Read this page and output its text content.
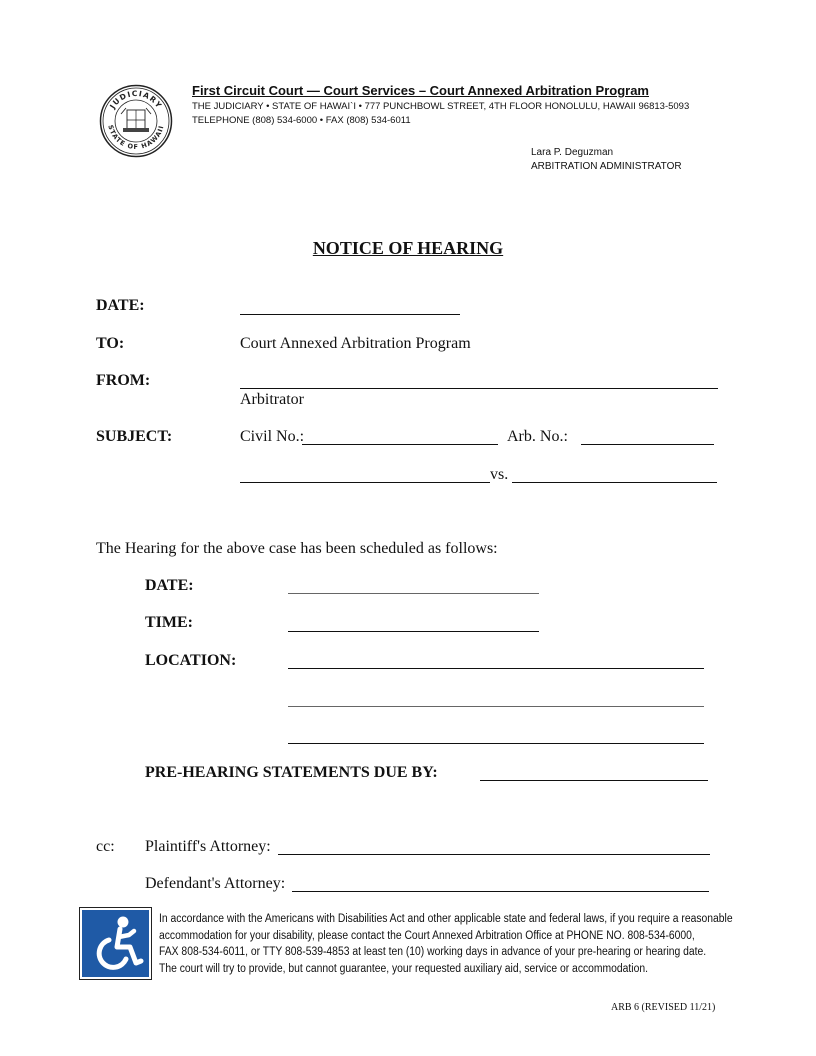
JUDICIARY
STATE OF HAWAII
First Circuit Court — Court Services – Court Annexed Arbitration Program
THE JUDICIARY • STATE OF HAWAI`I • 777 PUNCHBOWL STREET, 4TH FLOOR HONOLULU, HAWAII 96813-5093
TELEPHONE (808) 534-6000 • FAX (808) 534-6011
Lara P. Deguzman
ARBITRATION ADMINISTRATOR
NOTICE OF HEARING
DATE:
TO:	Court Annexed Arbitration Program
FROM:
Arbitrator
SUBJECT:	Civil No.:	Arb. No.:
vs.
The Hearing for the above case has been scheduled as follows:
DATE:
TIME:
LOCATION:
PRE-HEARING STATEMENTS DUE BY:
cc: Plaintiff's Attorney:
Defendant's Attorney:
In accordance with the Americans with Disabilities Act and other applicable state and federal laws, if you require a reasonable
accommodation for your disability, please contact the Court Annexed Arbitration Office at PHONE NO. 808-534-6000,
FAX 808-534-6011, or TTY 808-539-4853 at least ten (10) working days in advance of your pre-hearing or hearing date.
The court will try to provide, but cannot guarantee, your requested auxiliary aid, service or accommodation.
ARB 6 (REVISED 11/21)
